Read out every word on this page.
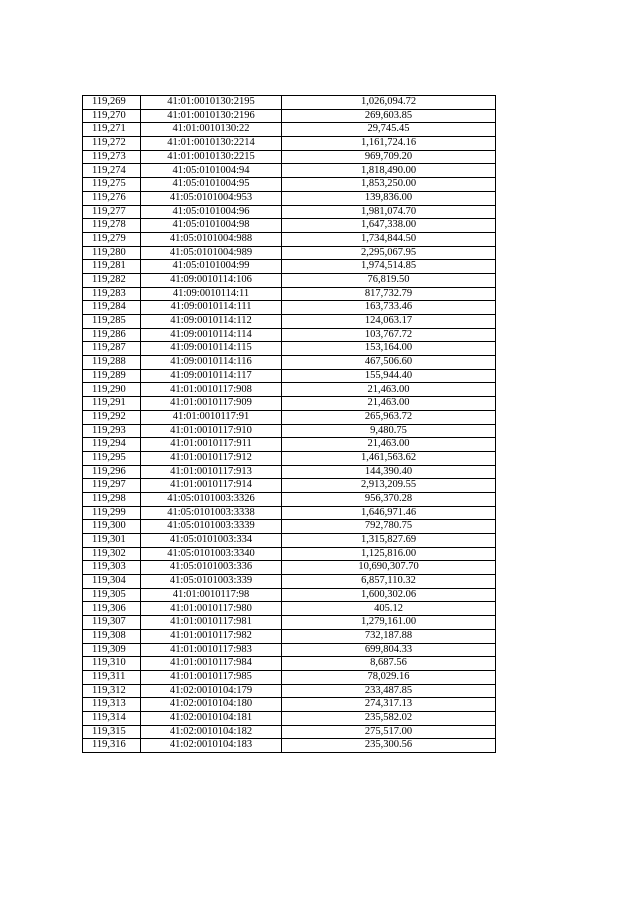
119,269	41:01:0010130:2195	1,026,094.72
119,270	41:01:0010130:2196	269,603.85
119,271	41:01:0010130:22	29,745.45
119,272	41:01:0010130:2214	1,161,724.16
119,273	41:01:0010130:2215	969,709.20
119,274	41:05:0101004:94	1,818,490.00
119,275	41:05:0101004:95	1,853,250.00
119,276	41:05:0101004:953	139,836.00
119,277	41:05:0101004:96	1,981,074.70
119,278	41:05:0101004:98	1,647,338.00
119,279	41:05:0101004:988	1,734,844.50
119,280	41:05:0101004:989	2,295,067.95
119,281	41:05:0101004:99	1,974,514.85
119,282	41:09:0010114:106	76,819.50
119,283	41:09:0010114:11	817,732.79
119,284	41:09:0010114:111	163,733.46
119,285	41:09:0010114:112	124,063.17
119,286	41:09:0010114:114	103,767.72
119,287	41:09:0010114:115	153,164.00
119,288	41:09:0010114:116	467,506.60
119,289	41:09:0010114:117	155,944.40
119,290	41:01:0010117:908	21,463.00
119,291	41:01:0010117:909	21,463.00
119,292	41:01:0010117:91	265,963.72
119,293	41:01:0010117:910	9,480.75
119,294	41:01:0010117:911	21,463.00
119,295	41:01:0010117:912	1,461,563.62
119,296	41:01:0010117:913	144,390.40
119,297	41:01:0010117:914	2,913,209.55
119,298	41:05:0101003:3326	956,370.28
119,299	41:05:0101003:3338	1,646,971.46
119,300	41:05:0101003:3339	792,780.75
119,301	41:05:0101003:334	1,315,827.69
119,302	41:05:0101003:3340	1,125,816.00
119,303	41:05:0101003:336	10,690,307.70
119,304	41:05:0101003:339	6,857,110.32
119,305	41:01:0010117:98	1,600,302.06
119,306	41:01:0010117:980	405.12
119,307	41:01:0010117:981	1,279,161.00
119,308	41:01:0010117:982	732,187.88
119,309	41:01:0010117:983	699,804.33
119,310	41:01:0010117:984	8,687.56
119,311	41:01:0010117:985	78,029.16
119,312	41:02:0010104:179	233,487.85
119,313	41:02:0010104:180	274,317.13
119,314	41:02:0010104:181	235,582.02
119,315	41:02:0010104:182	275,517.00
119,316	41:02:0010104:183	235,300.56
